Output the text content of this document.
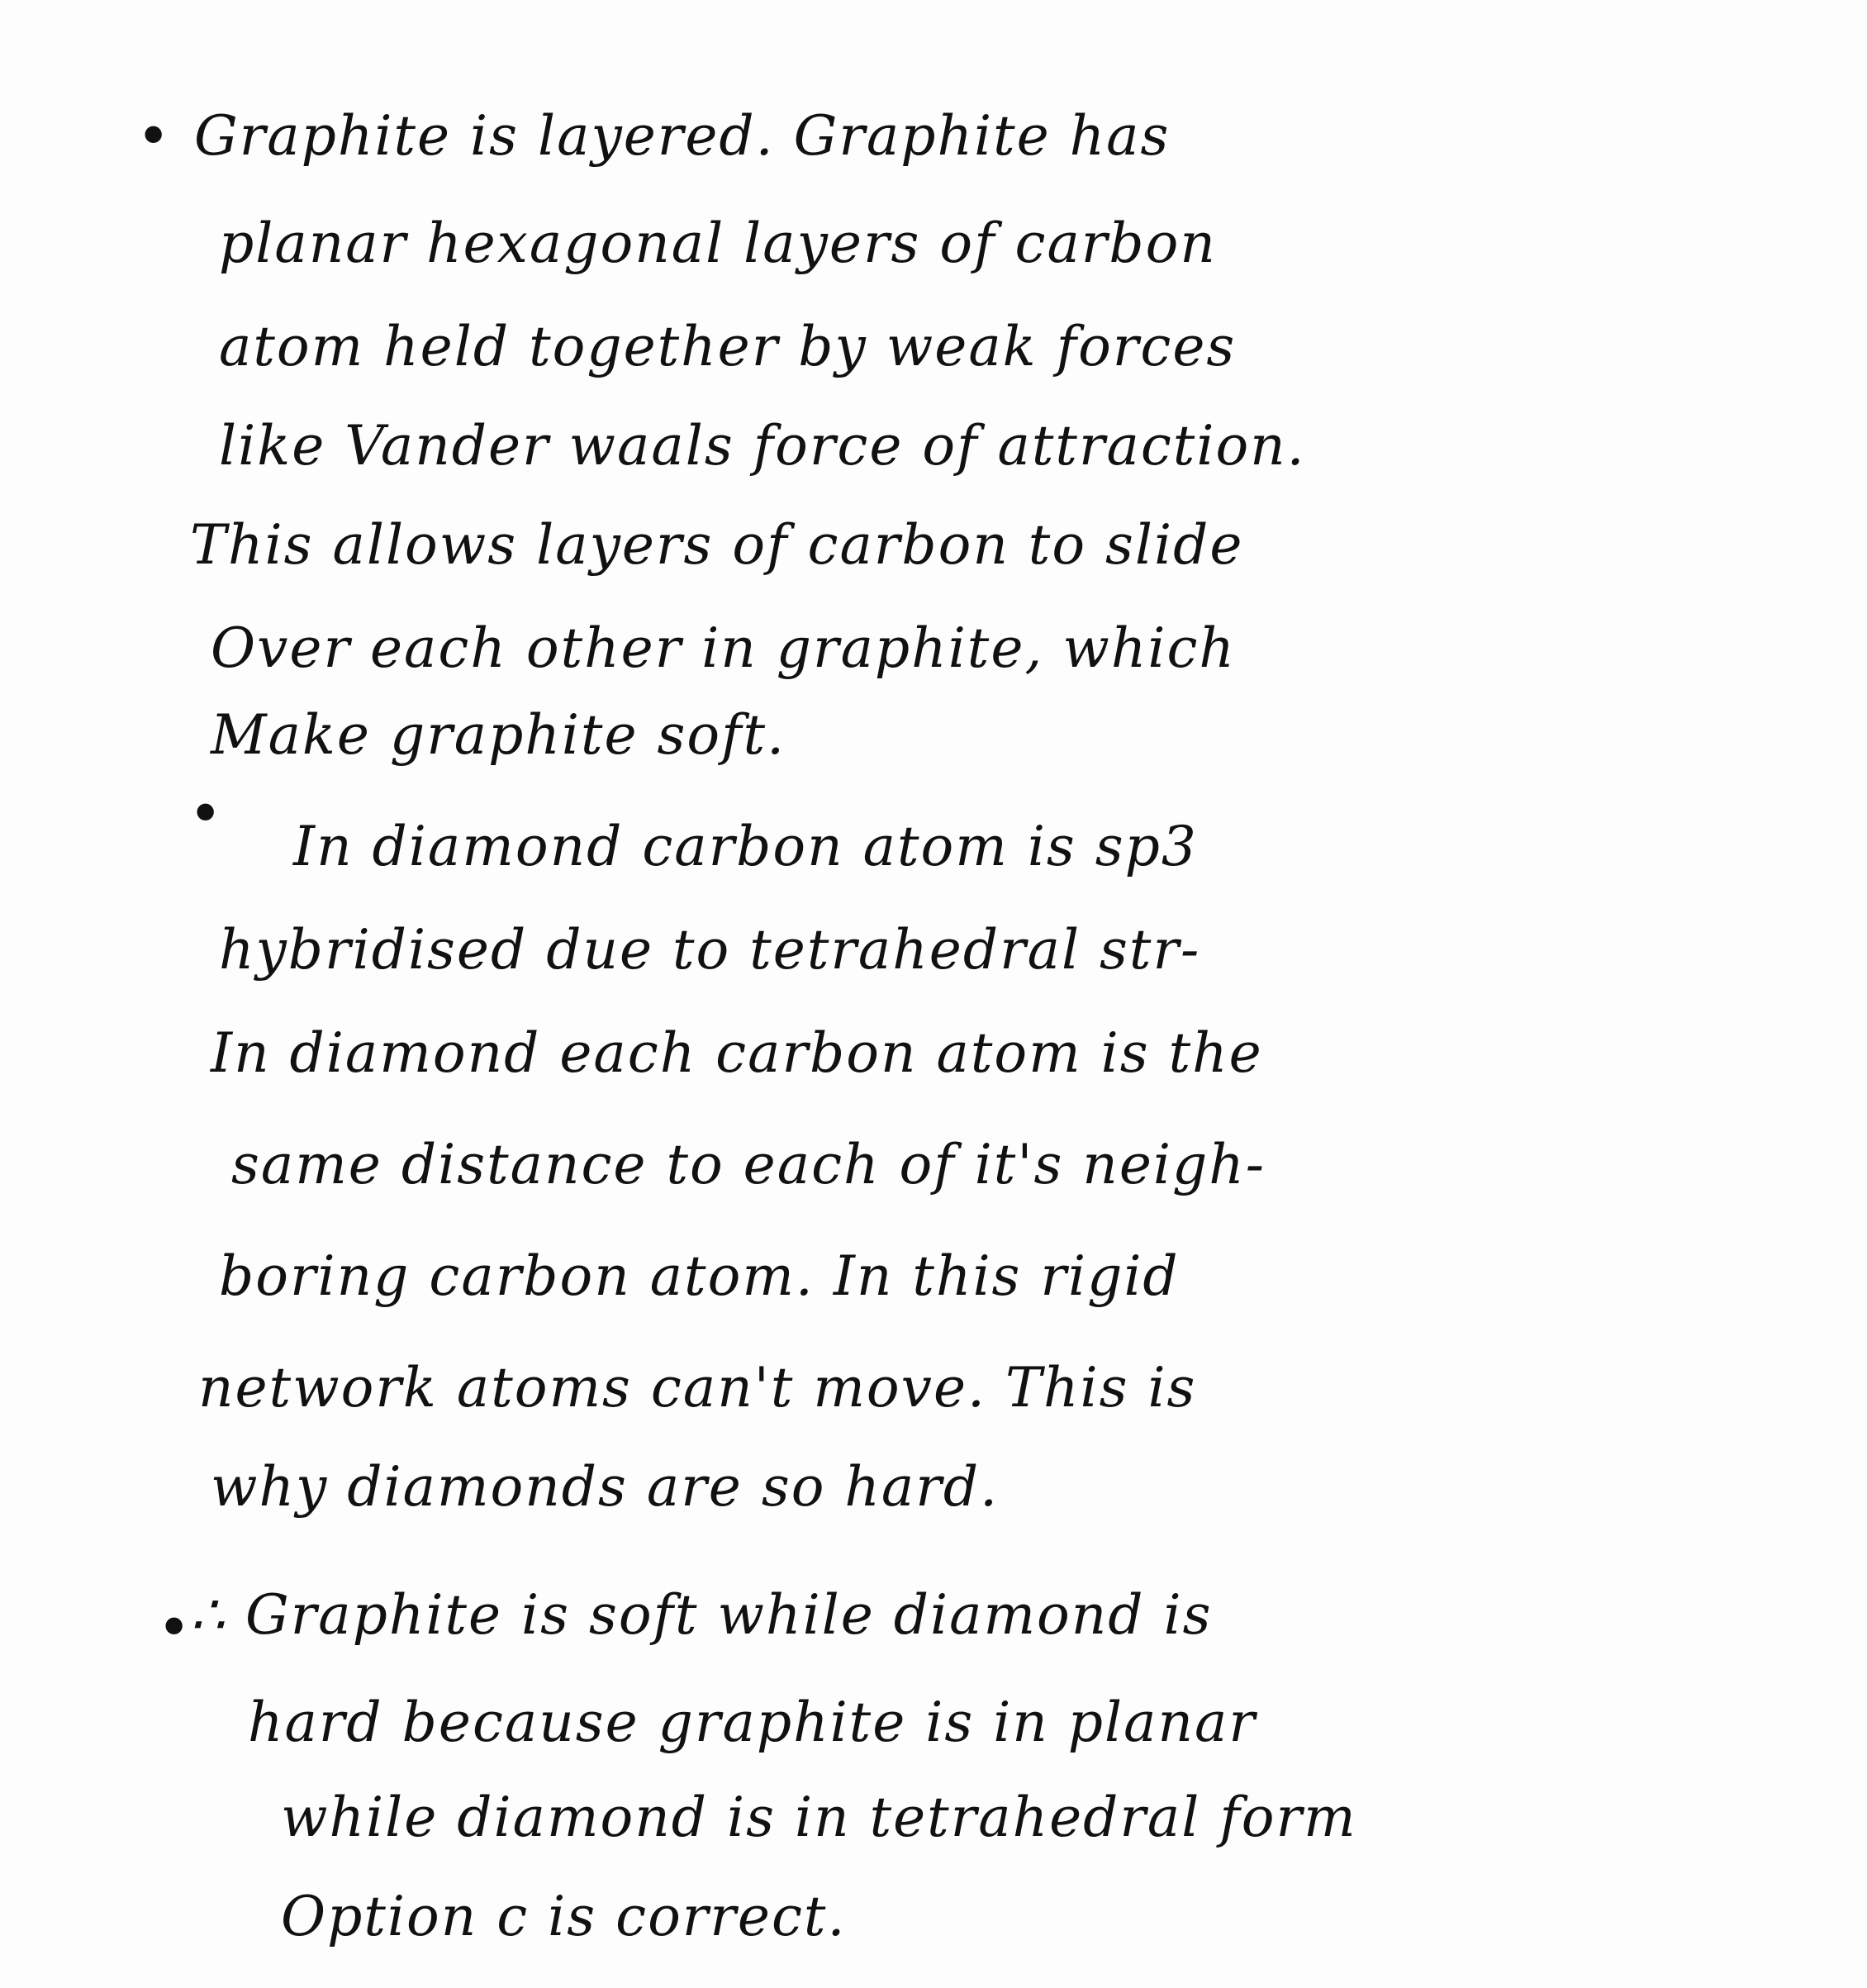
• Graphite is layered. Graphite has
planar hexagonal layers of carbon
atom held together by weak forces
like Vander waals force of attraction.
This allows layers of carbon to slide
Over each other in graphite, which
Make graphite soft.
• In diamond carbon atom is sp3
hybridised due to tetrahedral str-
In diamond each carbon atom is the
same distance to each of it's neigh-
boring carbon atom. In this rigid
network atoms can't move. This is
why diamonds are so hard.
•
∴ Graphite is soft while diamond is
hard because graphite is in planar
while diamond is in tetrahedral form
Option c is correct.
